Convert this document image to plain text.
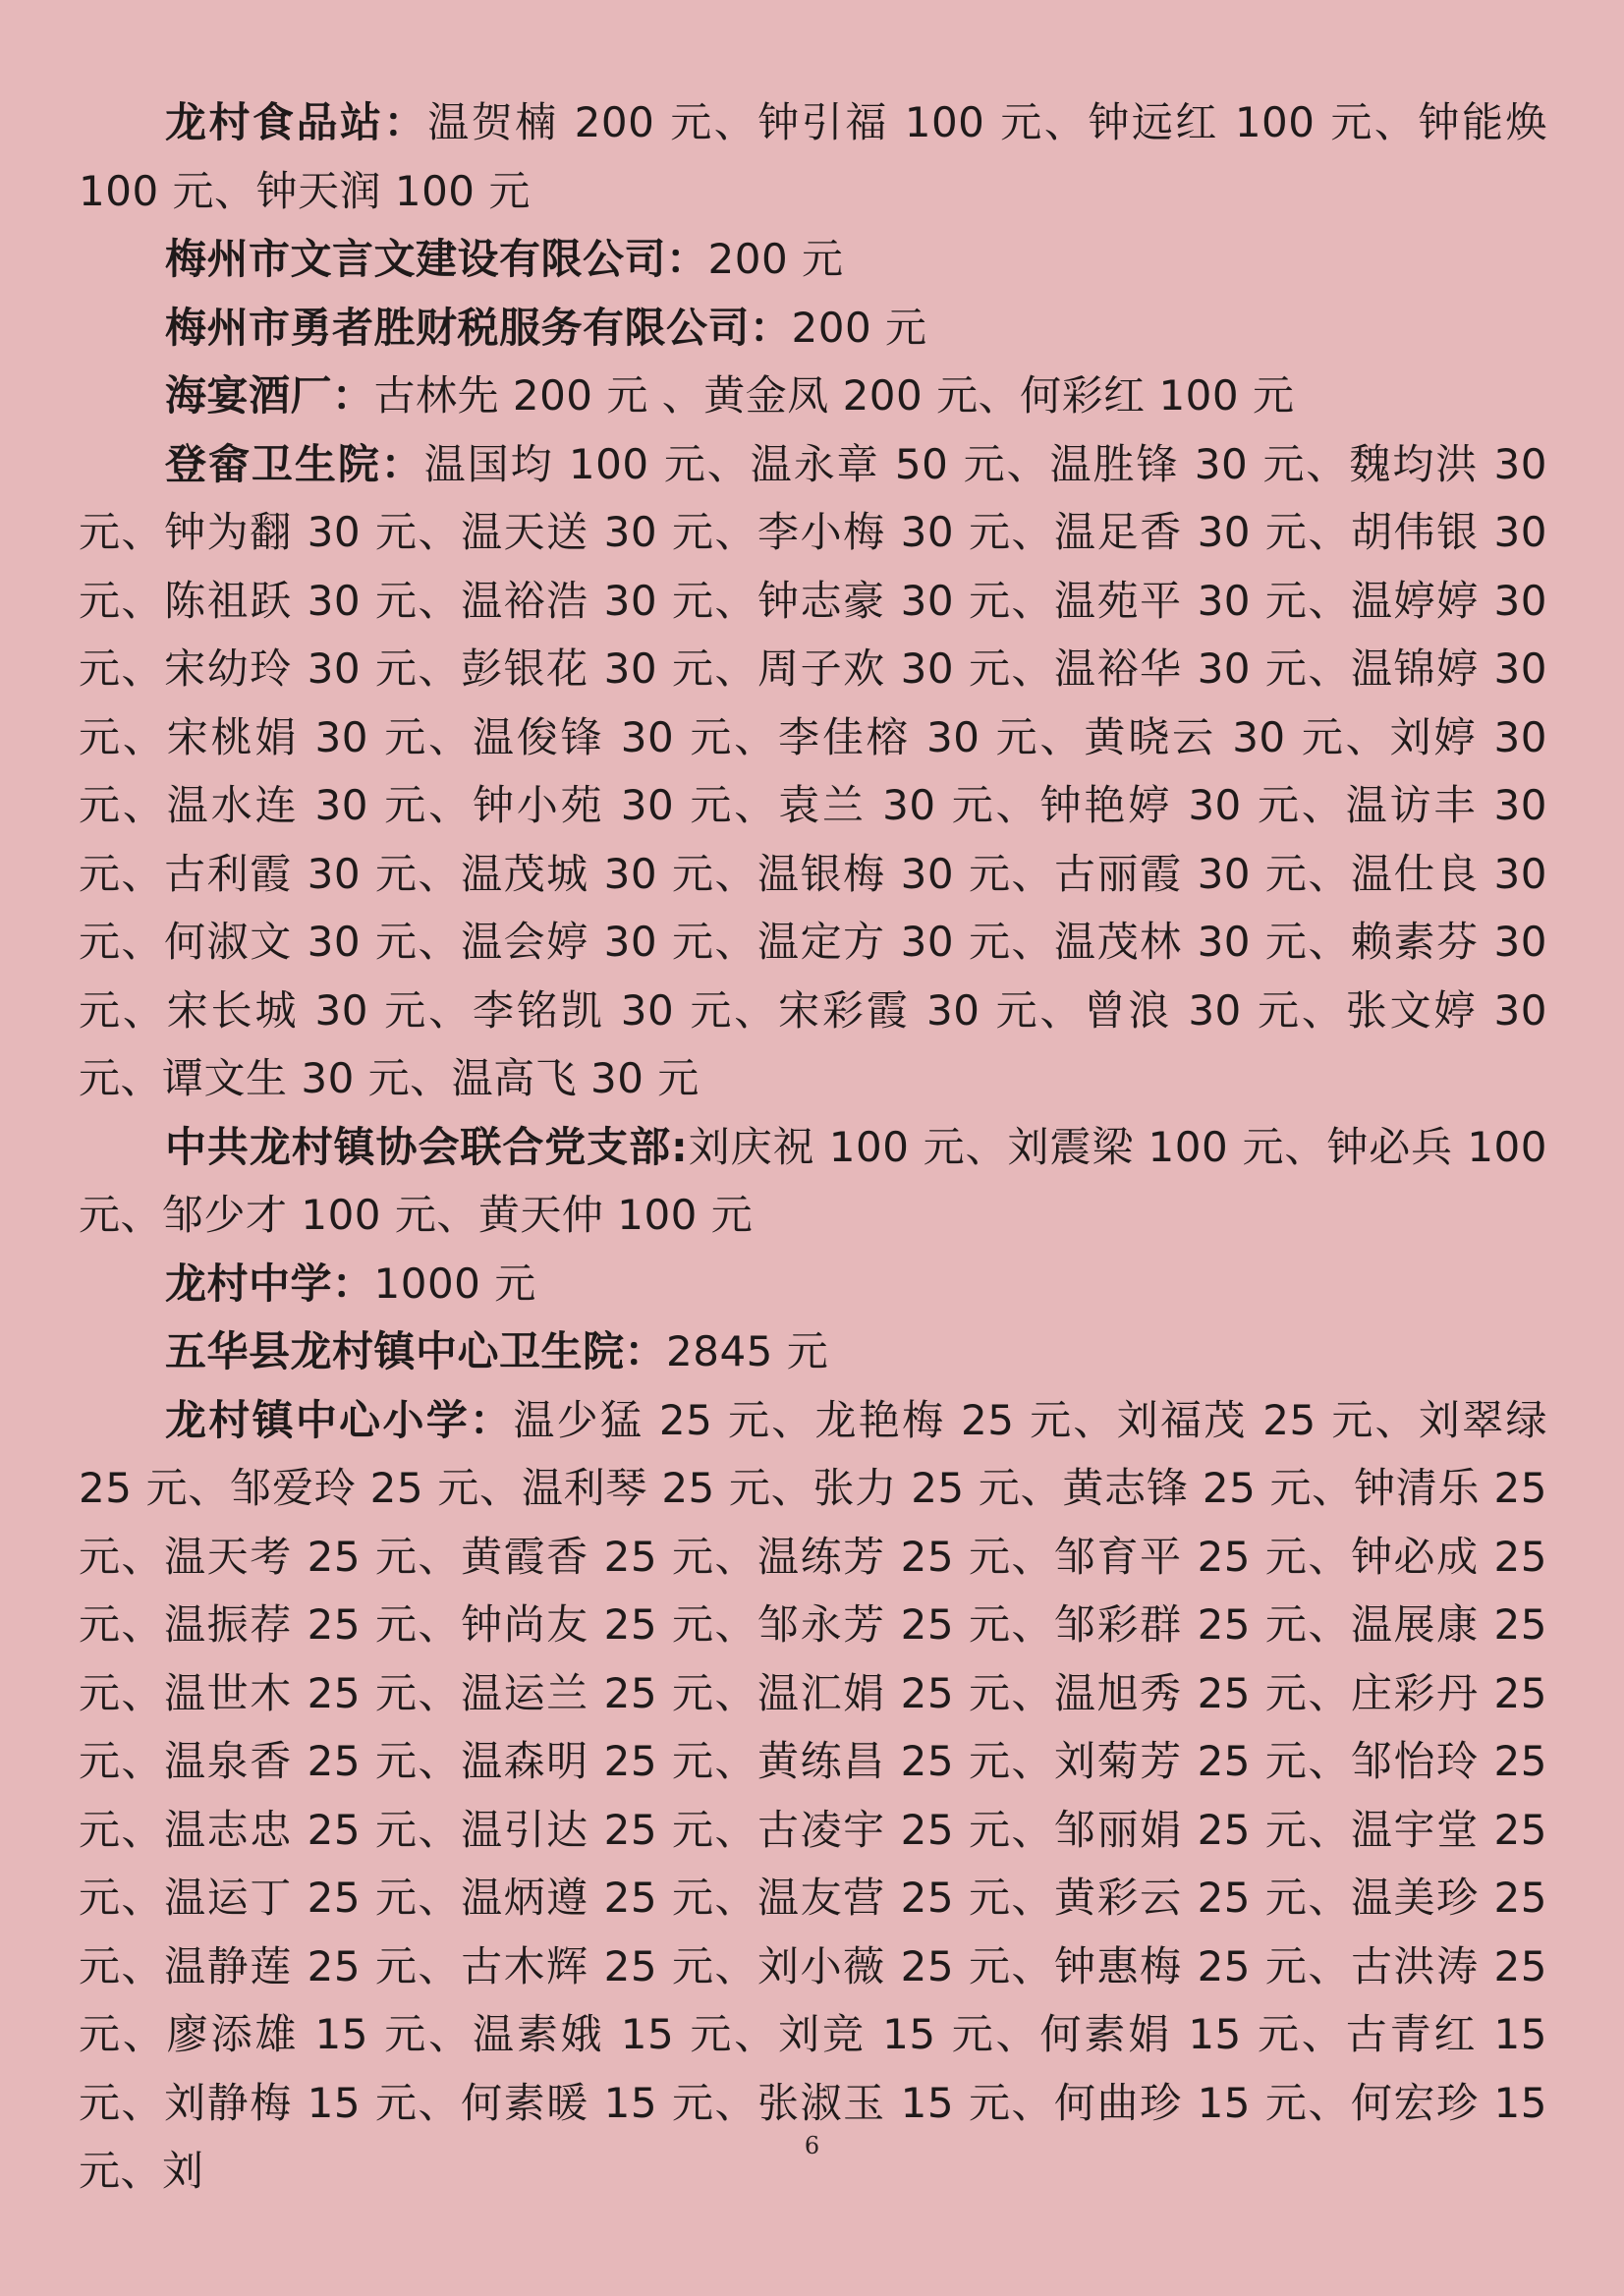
龙村食品站：温贺楠 200 元、钟引福 100 元、钟远红 100 元、钟能焕 100 元、钟天润 100 元

梅州市文言文建设有限公司：200 元

梅州市勇者胜财税服务有限公司：200 元

海宴酒厂：古林先 200 元 、黄金凤 200 元、何彩红 100 元

登畲卫生院：温国均 100 元、温永章 50 元、温胜锋 30 元、魏均洪 30 元、钟为翻 30 元、温天送 30 元、李小梅 30 元、温足香 30 元、胡伟银 30 元、陈祖跃 30 元、温裕浩 30 元、钟志豪 30 元、温苑平 30 元、温婷婷 30 元、宋幼玲 30 元、彭银花 30 元、周子欢 30 元、温裕华 30 元、温锦婷 30 元、宋桃娟 30 元、温俊锋 30 元、李佳榕 30 元、黄晓云 30 元、刘婷 30 元、温水连 30 元、钟小苑 30 元、袁兰 30 元、钟艳婷 30 元、温访丰 30 元、古利霞 30 元、温茂城 30 元、温银梅 30 元、古丽霞 30 元、温仕良 30 元、何淑文 30 元、温会婷 30 元、温定方 30 元、温茂林 30 元、赖素芬 30 元、宋长城 30 元、李铭凯 30 元、宋彩霞 30 元、曾浪 30 元、张文婷 30 元、谭文生 30 元、温高飞 30 元

中共龙村镇协会联合党支部:刘庆祝 100 元、刘震梁 100 元、钟必兵 100 元、邹少才 100 元、黄天仲 100 元

龙村中学：1000 元

五华县龙村镇中心卫生院：2845 元

龙村镇中心小学：温少猛 25 元、龙艳梅 25 元、刘福茂 25 元、刘翠绿 25 元、邹爱玲 25 元、温利琴 25 元、张力 25 元、黄志锋 25 元、钟清乐 25 元、温天考 25 元、黄霞香 25 元、温练芳 25 元、邹育平 25 元、钟必成 25 元、温振荐 25 元、钟尚友 25 元、邹永芳 25 元、邹彩群 25 元、温展康 25 元、温世木 25 元、温运兰 25 元、温汇娟 25 元、温旭秀 25 元、庄彩丹 25 元、温泉香 25 元、温森明 25 元、黄练昌 25 元、刘菊芳 25 元、邹怡玲 25 元、温志忠 25 元、温引达 25 元、古凌宇 25 元、邹丽娟 25 元、温宇堂 25 元、温运丁 25 元、温炳遵 25 元、温友营 25 元、黄彩云 25 元、温美珍 25 元、温静莲 25 元、古木辉 25 元、刘小薇 25 元、钟惠梅 25 元、古洪涛 25 元、廖添雄 15 元、温素娥 15 元、刘竞 15 元、何素娟 15 元、古青红 15 元、刘静梅 15 元、何素暖 15 元、张淑玉 15 元、何曲珍 15 元、何宏珍 15 元、刘

6
